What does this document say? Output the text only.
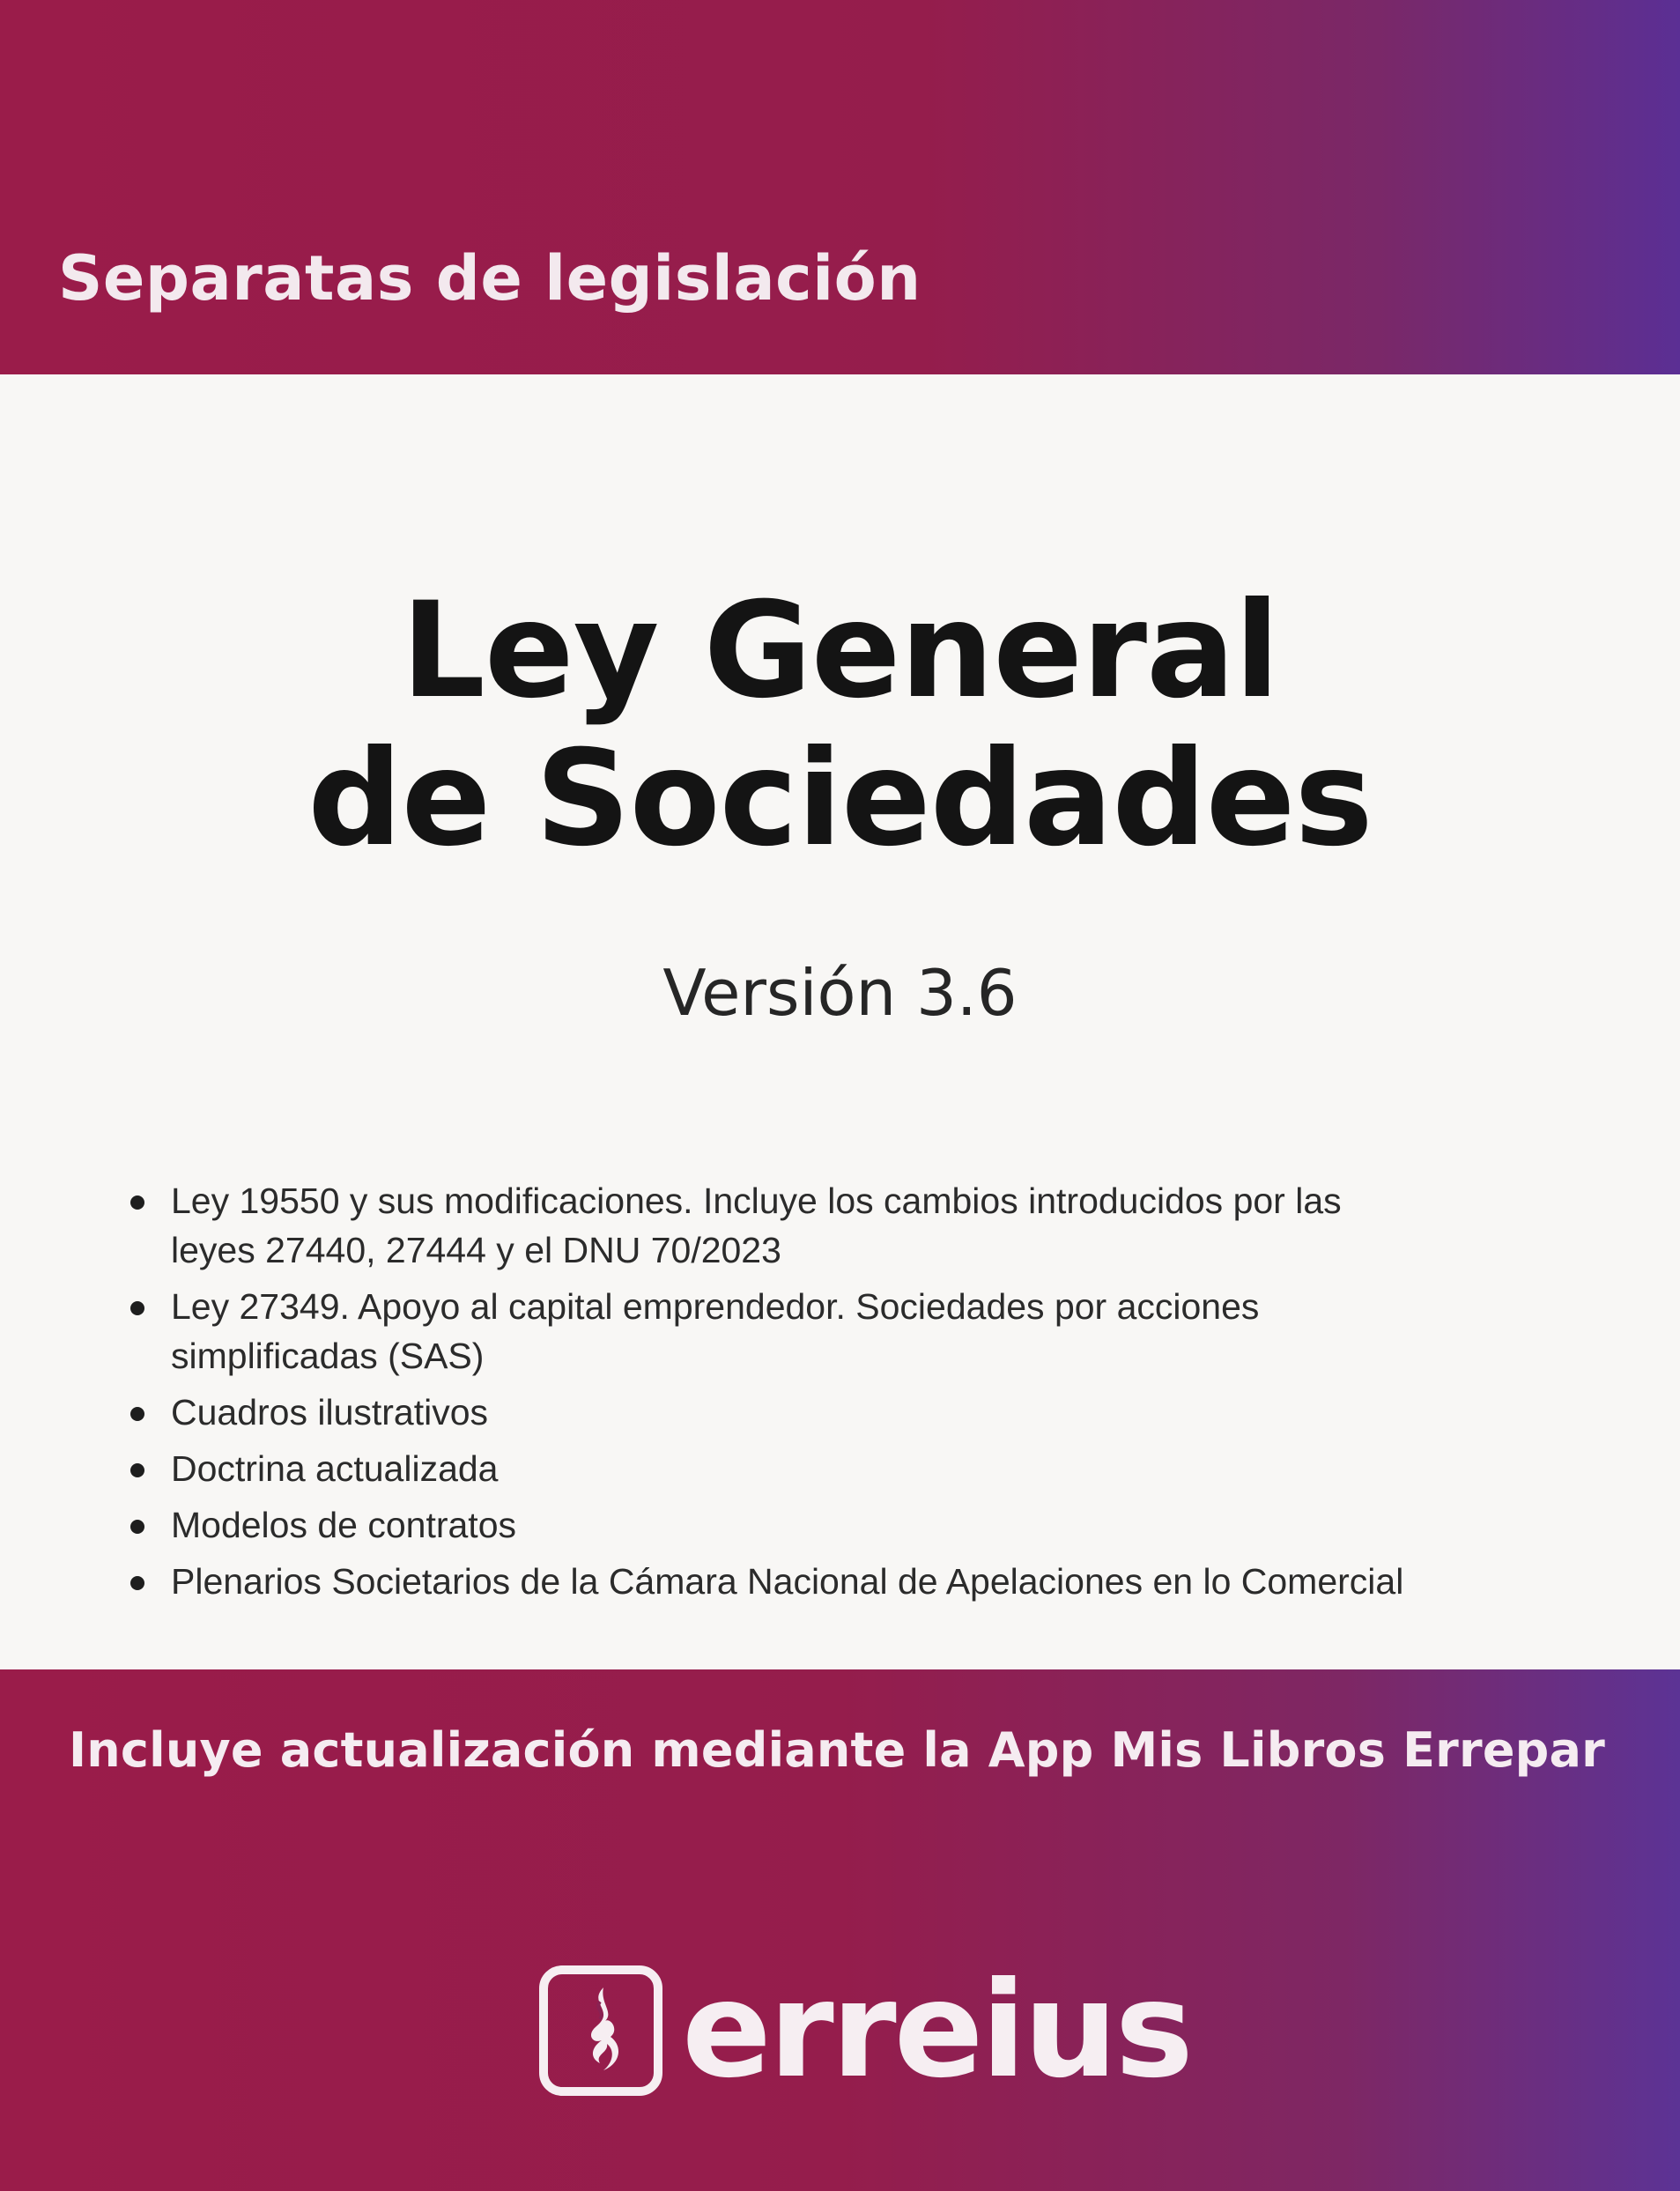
Separatas de legislación
Ley General
de Sociedades
Versión 3.6
Ley 19550 y sus modificaciones. Incluye los cambios introducidos por las
leyes 27440, 27444 y el DNU 70/2023
Ley 27349. Apoyo al capital emprendedor. Sociedades por acciones
simplificadas (SAS)
Cuadros ilustrativos
Doctrina actualizada
Modelos de contratos
Plenarios Societarios de la Cámara Nacional de Apelaciones en lo Comercial
Incluye actualización mediante la App Mis Libros Errepar
erreius
